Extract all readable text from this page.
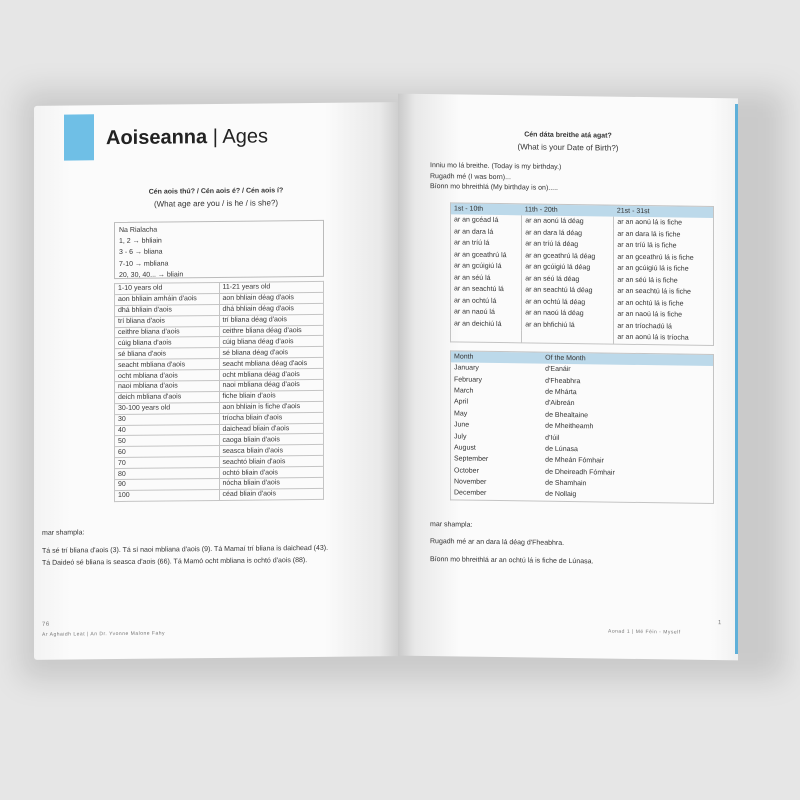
Aoiseanna | Ages
Cén aois thú? / Cén aois é? / Cén aois í?
(What age are you / is he / is she?)
Na Rialacha
1, 2 → bhliain
3 - 6 → bliana
7-10 → mbliana
20, 30, 40... → bliain
1-10 years old	11-21 years old
aon bhliain amháin d'aois	aon bhliain déag d'aois
dhá bhliain d'aois	dhá bhliain déag d'aois
trí bliana d'aois	trí bliana déag d'aois
ceithre bliana d'aois	ceithre bliana déag d'aois
cúig bliana d'aois	cúig bliana déag d'aois
sé bliana d'aois	sé bliana déag d'aois
seacht mbliana d'aois	seacht mbliana déag d'aois
ocht mbliana d'aois	ocht mbliana déag d'aois
naoi mbliana d'aois	naoi mbliana déag d'aois
deich mbliana d'aois	fiche bliain d'aois
30-100 years old	aon bhliain is fiche d'aois
30	tríocha bliain d'aois
40	daichead bliain d'aois
50	caoga bliain d'aois
60	seasca bliain d'aois
70	seachtó bliain d'aois
80	ochtó bliain d'aois
90	nócha bliain d'aois
100	céad bliain d'aois
mar shampla:
Tá sé trí bliana d'aois (3). Tá sí naoi mbliana d'aois (9). Tá Mamaí trí bliana is daichead (43).
Tá Daideó sé bliana is seasca d'aois (66). Tá Mamó ocht mbliana is ochtó d'aois (88).
76
Ar Aghaidh Leat | An Dr. Yvonne Malone Fahy
Cén dáta breithe atá agat?
(What is your Date of Birth?)
Inniu mo lá breithe. (Today is my birthday.)
Rugadh mé (I was born)...
Bíonn mo bhreithlá (My birthday is on).....
1st - 10th	11th - 20th	21st - 31st
ar an gcéad lá	ar an aonú lá déag	ar an aonú lá is fiche
ar an dara lá	ar an dara lá déag	ar an dara lá is fiche
ar an tríú lá	ar an tríú lá déag	ar an tríú lá is fiche
ar an gceathrú lá	ar an gceathrú lá déag	ar an gceathrú lá is fiche
ar an gcúigiú lá	ar an gcúigiú lá déag	ar an gcúigiú lá is fiche
ar an séú lá	ar an séú lá déag	ar an séú lá is fiche
ar an seachtú lá	ar an seachtú lá déag	ar an seachtú lá is fiche
ar an ochtú lá	ar an ochtú lá déag	ar an ochtú lá is fiche
ar an naoú lá	ar an naoú lá déag	ar an naoú lá is fiche
ar an deichiú lá	ar an bhfichiú lá	ar an tríochadú lá
		ar an aonú lá is tríocha
Month	Of the Month
January	d'Eanáir
February	d'Fheabhra
March	de Mhárta
April	d'Aibreán
May	de Bhealtaine
June	de Mheitheamh
July	d'Iúil
August	de Lúnasa
September	de Mheán Fómhair
October	de Dheireadh Fómhair
November	de Shamhain
December	de Nollaig
mar shampla:
Rugadh mé ar an dara lá déag d'Fheabhra.
Bíonn mo bhreithlá ar an ochtú lá is fiche de Lúnasa.
1
Aonad 1 | Mé Féin - Myself
